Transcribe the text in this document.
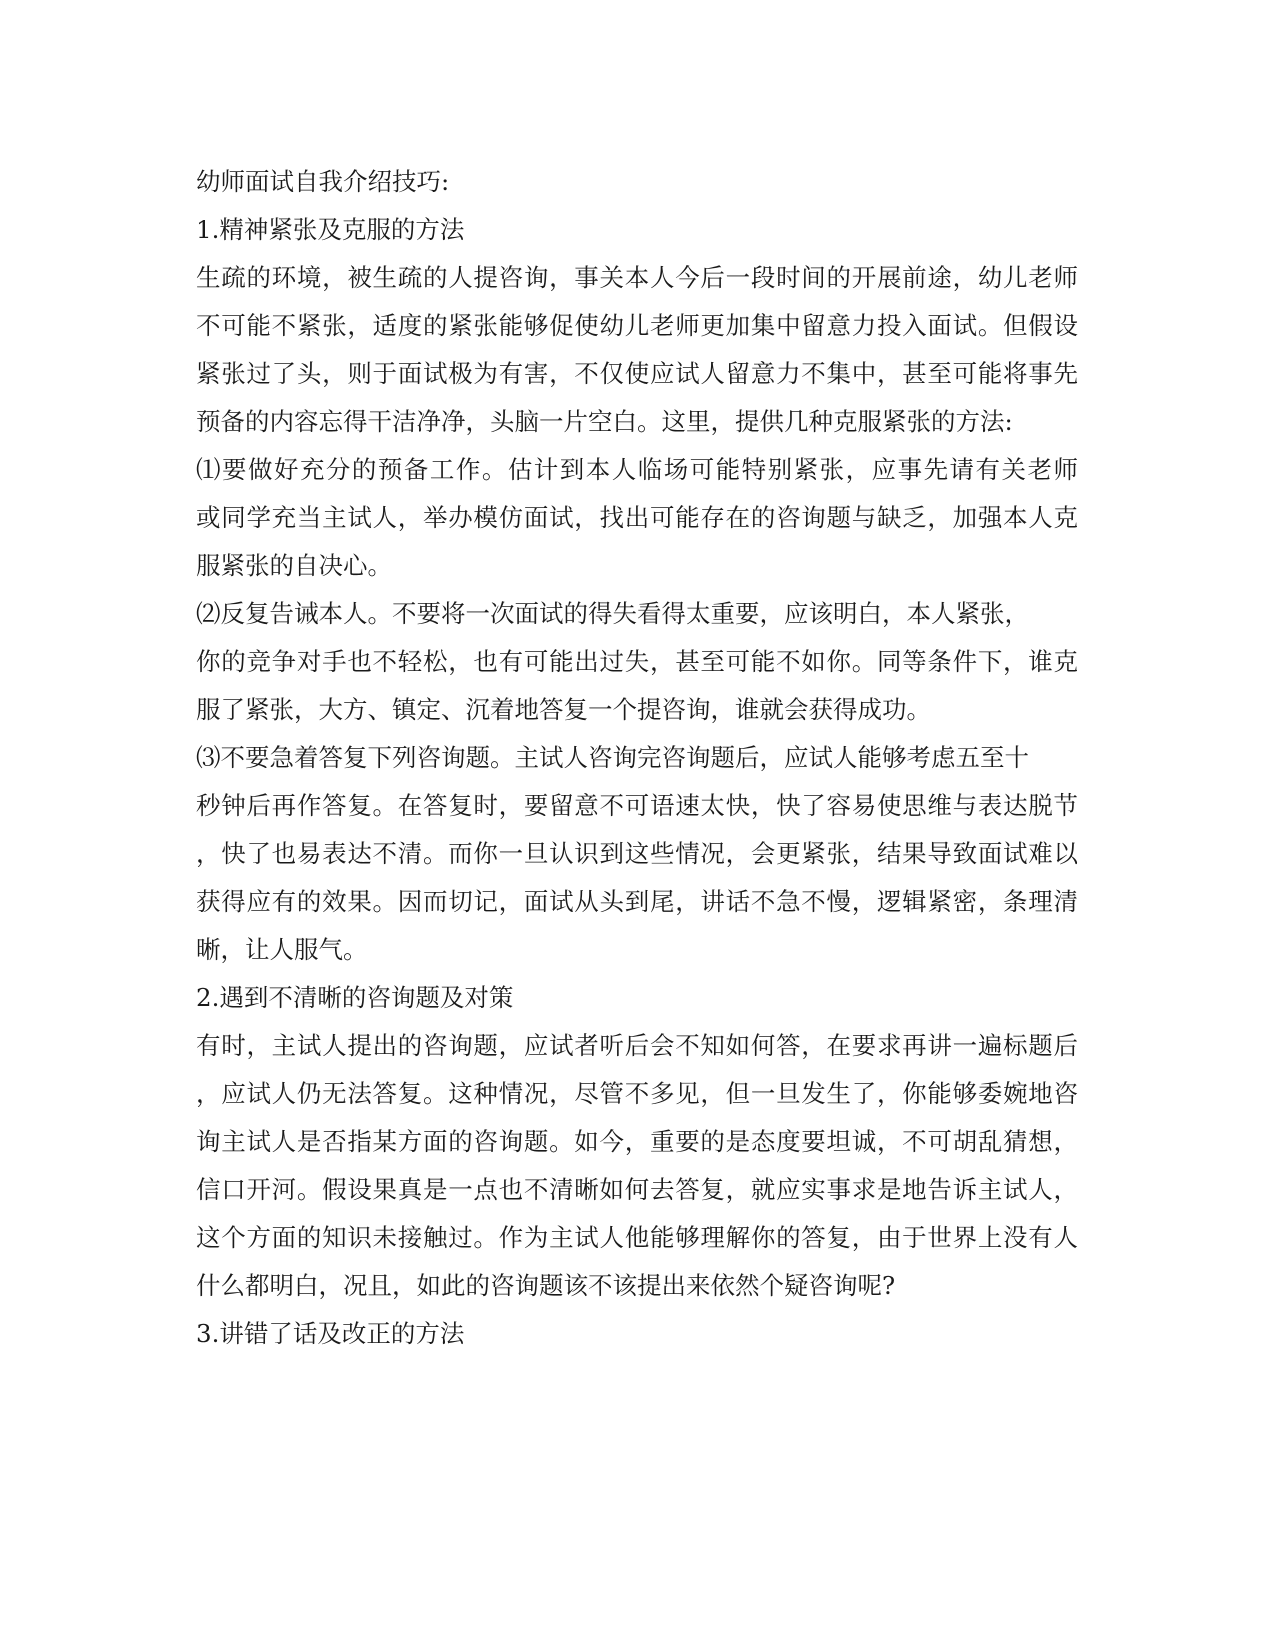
幼师面试自我介绍技巧:
1.精神紧张及克服的方法
生疏的环境，被生疏的人提咨询，事关本人今后一段时间的开展前途，幼儿老师
不可能不紧张，适度的紧张能够促使幼儿老师更加集中留意力投入面试。但假设
紧张过了头，则于面试极为有害，不仅使应试人留意力不集中，甚至可能将事先
预备的内容忘得干洁净净，头脑一片空白。这里，提供几种克服紧张的方法:
⑴要做好充分的预备工作。估计到本人临场可能特别紧张，应事先请有关老师
或同学充当主试人，举办模仿面试，找出可能存在的咨询题与缺乏，加强本人克
服紧张的自决心。
⑵反复告诫本人。不要将一次面试的得失看得太重要，应该明白，本人紧张，
你的竞争对手也不轻松，也有可能出过失，甚至可能不如你。同等条件下，谁克
服了紧张，大方、镇定、沉着地答复一个提咨询，谁就会获得成功。
⑶不要急着答复下列咨询题。主试人咨询完咨询题后，应试人能够考虑五至十
秒钟后再作答复。在答复时，要留意不可语速太快，快了容易使思维与表达脱节
，快了也易表达不清。而你一旦认识到这些情况，会更紧张，结果导致面试难以
获得应有的效果。因而切记，面试从头到尾，讲话不急不慢，逻辑紧密，条理清
晰，让人服气。
2.遇到不清晰的咨询题及对策
有时，主试人提出的咨询题，应试者听后会不知如何答，在要求再讲一遍标题后
，应试人仍无法答复。这种情况，尽管不多见，但一旦发生了，你能够委婉地咨
询主试人是否指某方面的咨询题。如今，重要的是态度要坦诚，不可胡乱猜想，
信口开河。假设果真是一点也不清晰如何去答复，就应实事求是地告诉主试人，
这个方面的知识未接触过。作为主试人他能够理解你的答复，由于世界上没有人
什么都明白，况且，如此的咨询题该不该提出来依然个疑咨询呢?
3.讲错了话及改正的方法
